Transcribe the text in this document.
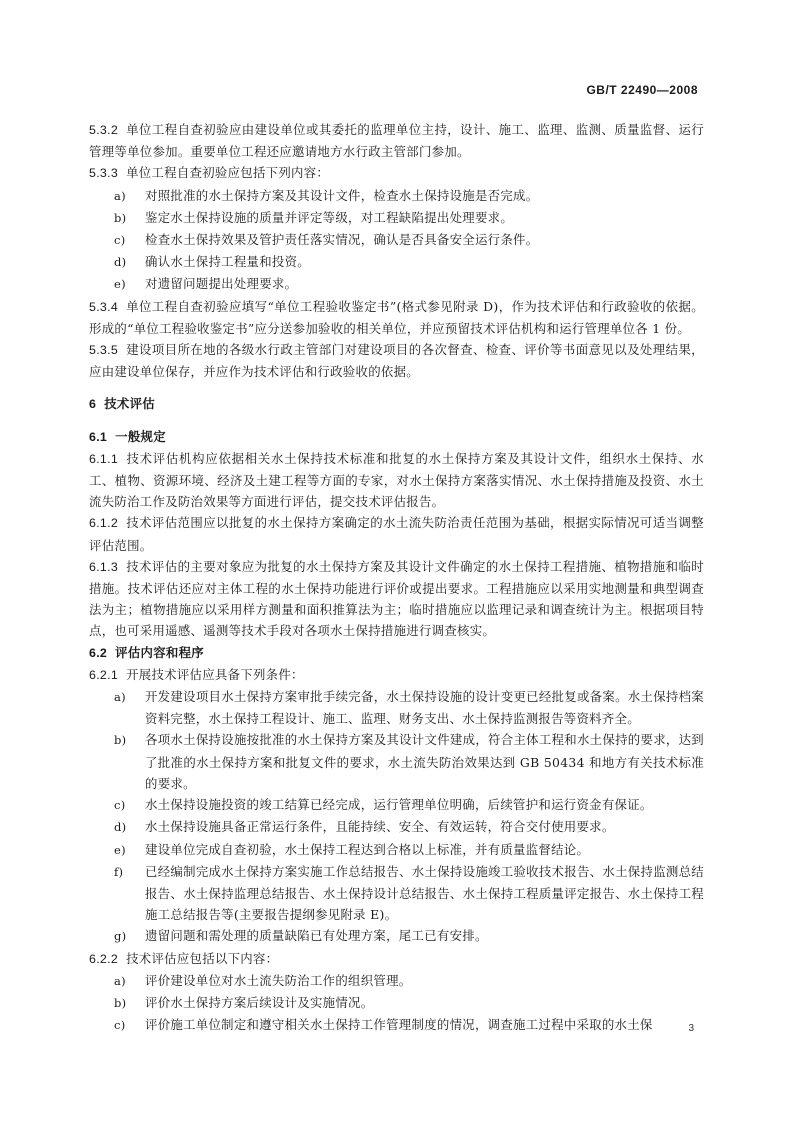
GB/T 22490—2008

5.3.2 单位工程自查初验应由建设单位或其委托的监理单位主持，设计、施工、监理、监测、质量监督、运行管理等单位参加。重要单位工程还应邀请地方水行政主管部门参加。

5.3.3 单位工程自查初验应包括下列内容：

a) 对照批准的水土保持方案及其设计文件，检查水土保持设施是否完成。

b) 鉴定水土保持设施的质量并评定等级，对工程缺陷提出处理要求。

c) 检查水土保持效果及管护责任落实情况，确认是否具备安全运行条件。

d) 确认水土保持工程量和投资。

e) 对遗留问题提出处理要求。

5.3.4 单位工程自查初验应填写“单位工程验收鉴定书”(格式参见附录 D)，作为技术评估和行政验收的依据。形成的“单位工程验收鉴定书”应分送参加验收的相关单位，并应预留技术评估机构和运行管理单位各 1 份。

5.3.5 建设项目所在地的各级水行政主管部门对建设项目的各次督查、检查、评价等书面意见以及处理结果，应由建设单位保存，并应作为技术评估和行政验收的依据。

6 技术评估

6.1 一般规定

6.1.1 技术评估机构应依据相关水土保持技术标准和批复的水土保持方案及其设计文件，组织水土保持、水工、植物、资源环境、经济及土建工程等方面的专家，对水土保持方案落实情况、水土保持措施及投资、水土流失防治工作及防治效果等方面进行评估，提交技术评估报告。

6.1.2 技术评估范围应以批复的水土保持方案确定的水土流失防治责任范围为基础，根据实际情况可适当调整评估范围。

6.1.3 技术评估的主要对象应为批复的水土保持方案及其设计文件确定的水土保持工程措施、植物措施和临时措施。技术评估还应对主体工程的水土保持功能进行评价或提出要求。工程措施应以采用实地测量和典型调查法为主；植物措施应以采用样方测量和面积推算法为主；临时措施应以监理记录和调查统计为主。根据项目特点，也可采用遥感、遥测等技术手段对各项水土保持措施进行调查核实。

6.2 评估内容和程序

6.2.1 开展技术评估应具备下列条件：

a) 开发建设项目水土保持方案审批手续完备，水土保持设施的设计变更已经批复或备案。水土保持档案资料完整，水土保持工程设计、施工、监理、财务支出、水土保持监测报告等资料齐全。

b) 各项水土保持设施按批准的水土保持方案及其设计文件建成，符合主体工程和水土保持的要求，达到了批准的水土保持方案和批复文件的要求，水土流失防治效果达到 GB 50434 和地方有关技术标准的要求。

c) 水土保持设施投资的竣工结算已经完成，运行管理单位明确，后续管护和运行资金有保证。

d) 水土保持设施具备正常运行条件，且能持续、安全、有效运转，符合交付使用要求。

e) 建设单位完成自查初验，水土保持工程达到合格以上标准，并有质量监督结论。

f) 已经编制完成水土保持方案实施工作总结报告、水土保持设施竣工验收技术报告、水土保持监测总结报告、水土保持监理总结报告、水土保持设计总结报告、水土保持工程质量评定报告、水土保持工程施工总结报告等(主要报告提纲参见附录 E)。

g) 遗留问题和需处理的质量缺陷已有处理方案，尾工已有安排。

6.2.2 技术评估应包括以下内容：

a) 评价建设单位对水土流失防治工作的组织管理。

b) 评价水土保持方案后续设计及实施情况。

c) 评价施工单位制定和遵守相关水土保持工作管理制度的情况，调查施工过程中采取的水土保	3
